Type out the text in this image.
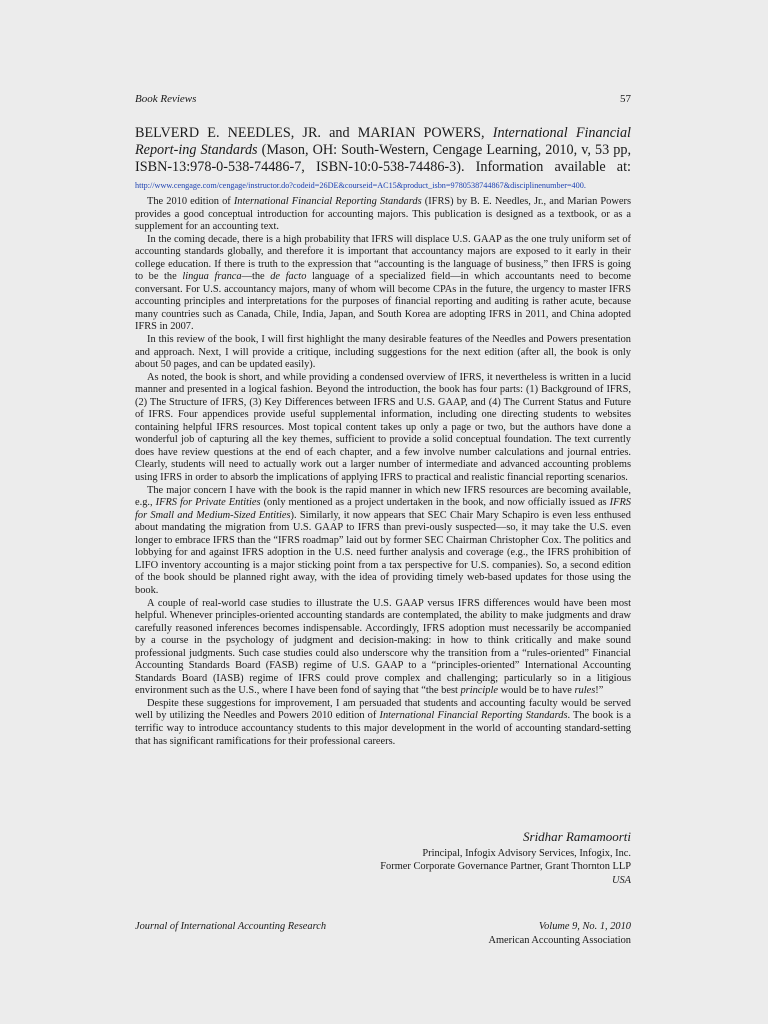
Book Reviews	57
BELVERD E. NEEDLES, JR. and MARIAN POWERS, International Financial Report-ing Standards (Mason, OH: South-Western, Cengage Learning, 2010, v, 53 pp, ISBN-13:978-0-538-74486-7, ISBN-10:0-538-74486-3). Information available at: http://www.cengage.com/cengage/instructor.do?codeid=26DE&courseid=AC15&product_isbn=9780538744867&disciplinenumber=400.

The 2010 edition of International Financial Reporting Standards (IFRS) by B. E. Needles, Jr., and Marian Powers provides a good conceptual introduction for accounting majors. This publication is designed as a textbook, or as a supplement for an accounting text.

In the coming decade, there is a high probability that IFRS will displace U.S. GAAP as the one truly uniform set of accounting standards globally, and therefore it is important that accountancy majors are exposed to it early in their college education. If there is truth to the expression that “accounting is the language of business,” then IFRS is going to be the lingua franca—the de facto language of a specialized field—in which accountants need to become conversant. For U.S. accountancy majors, many of whom will become CPAs in the future, the urgency to master IFRS accounting principles and interpretations for the purposes of financial reporting and auditing is rather acute, because many countries such as Canada, Chile, India, Japan, and South Korea are adopting IFRS in 2011, and China adopted IFRS in 2007.

In this review of the book, I will first highlight the many desirable features of the Needles and Powers presentation and approach. Next, I will provide a critique, including suggestions for the next edition (after all, the book is only about 50 pages, and can be updated easily).

As noted, the book is short, and while providing a condensed overview of IFRS, it nevertheless is written in a lucid manner and presented in a logical fashion. Beyond the introduction, the book has four parts: (1) Background of IFRS, (2) The Structure of IFRS, (3) Key Differences between IFRS and U.S. GAAP, and (4) The Current Status and Future of IFRS. Four appendices provide useful supplemental information, including one directing students to websites containing helpful IFRS resources. Most topical content takes up only a page or two, but the authors have done a wonderful job of capturing all the key themes, sufficient to provide a solid conceptual foundation. The text currently does have review questions at the end of each chapter, and a few involve number calculations and journal entries. Clearly, students will need to actually work out a larger number of intermediate and advanced accounting problems using IFRS in order to absorb the implications of applying IFRS to practical and realistic financial reporting scenarios.

The major concern I have with the book is the rapid manner in which new IFRS resources are becoming available, e.g., IFRS for Private Entities (only mentioned as a project undertaken in the book, and now officially issued as IFRS for Small and Medium-Sized Entities). Similarly, it now appears that SEC Chair Mary Schapiro is even less enthused about mandating the migration from U.S. GAAP to IFRS than previ-ously suspected—so, it may take the U.S. even longer to embrace IFRS than the “IFRS roadmap” laid out by former SEC Chairman Christopher Cox. The politics and lobbying for and against IFRS adoption in the U.S. need further analysis and coverage (e.g., the IFRS prohibition of LIFO inventory accounting is a major sticking point from a tax perspective for U.S. companies). So, a second edition of the book should be planned right away, with the idea of providing timely web-based updates for those using the book.

A couple of real-world case studies to illustrate the U.S. GAAP versus IFRS differences would have been most helpful. Whenever principles-oriented accounting standards are contemplated, the ability to make judgments and draw carefully reasoned inferences becomes indispensable. Accordingly, IFRS adoption must necessarily be accompanied by a course in the psychology of judgment and decision-making: in how to think critically and make sound professional judgments. Such case studies could also underscore why the transition from a “rules-oriented” Financial Accounting Standards Board (FASB) regime of U.S. GAAP to a “principles-oriented” International Accounting Standards Board (IASB) regime of IFRS could prove complex and challenging; particularly so in a litigious environment such as the U.S., where I have been fond of saying that “the best principle would be to have rules!”

Despite these suggestions for improvement, I am persuaded that students and accounting faculty would be served well by utilizing the Needles and Powers 2010 edition of International Financial Reporting Standards. The book is a terrific way to introduce accountancy students to this major development in the world of accounting standard-setting that has significant ramifications for their professional careers.

Sridhar Ramamoorti
Principal, Infogix Advisory Services, Infogix, Inc.
Former Corporate Governance Partner, Grant Thornton LLP
USA
Journal of International Accounting Research	Volume 9, No. 1, 2010
American Accounting Association
